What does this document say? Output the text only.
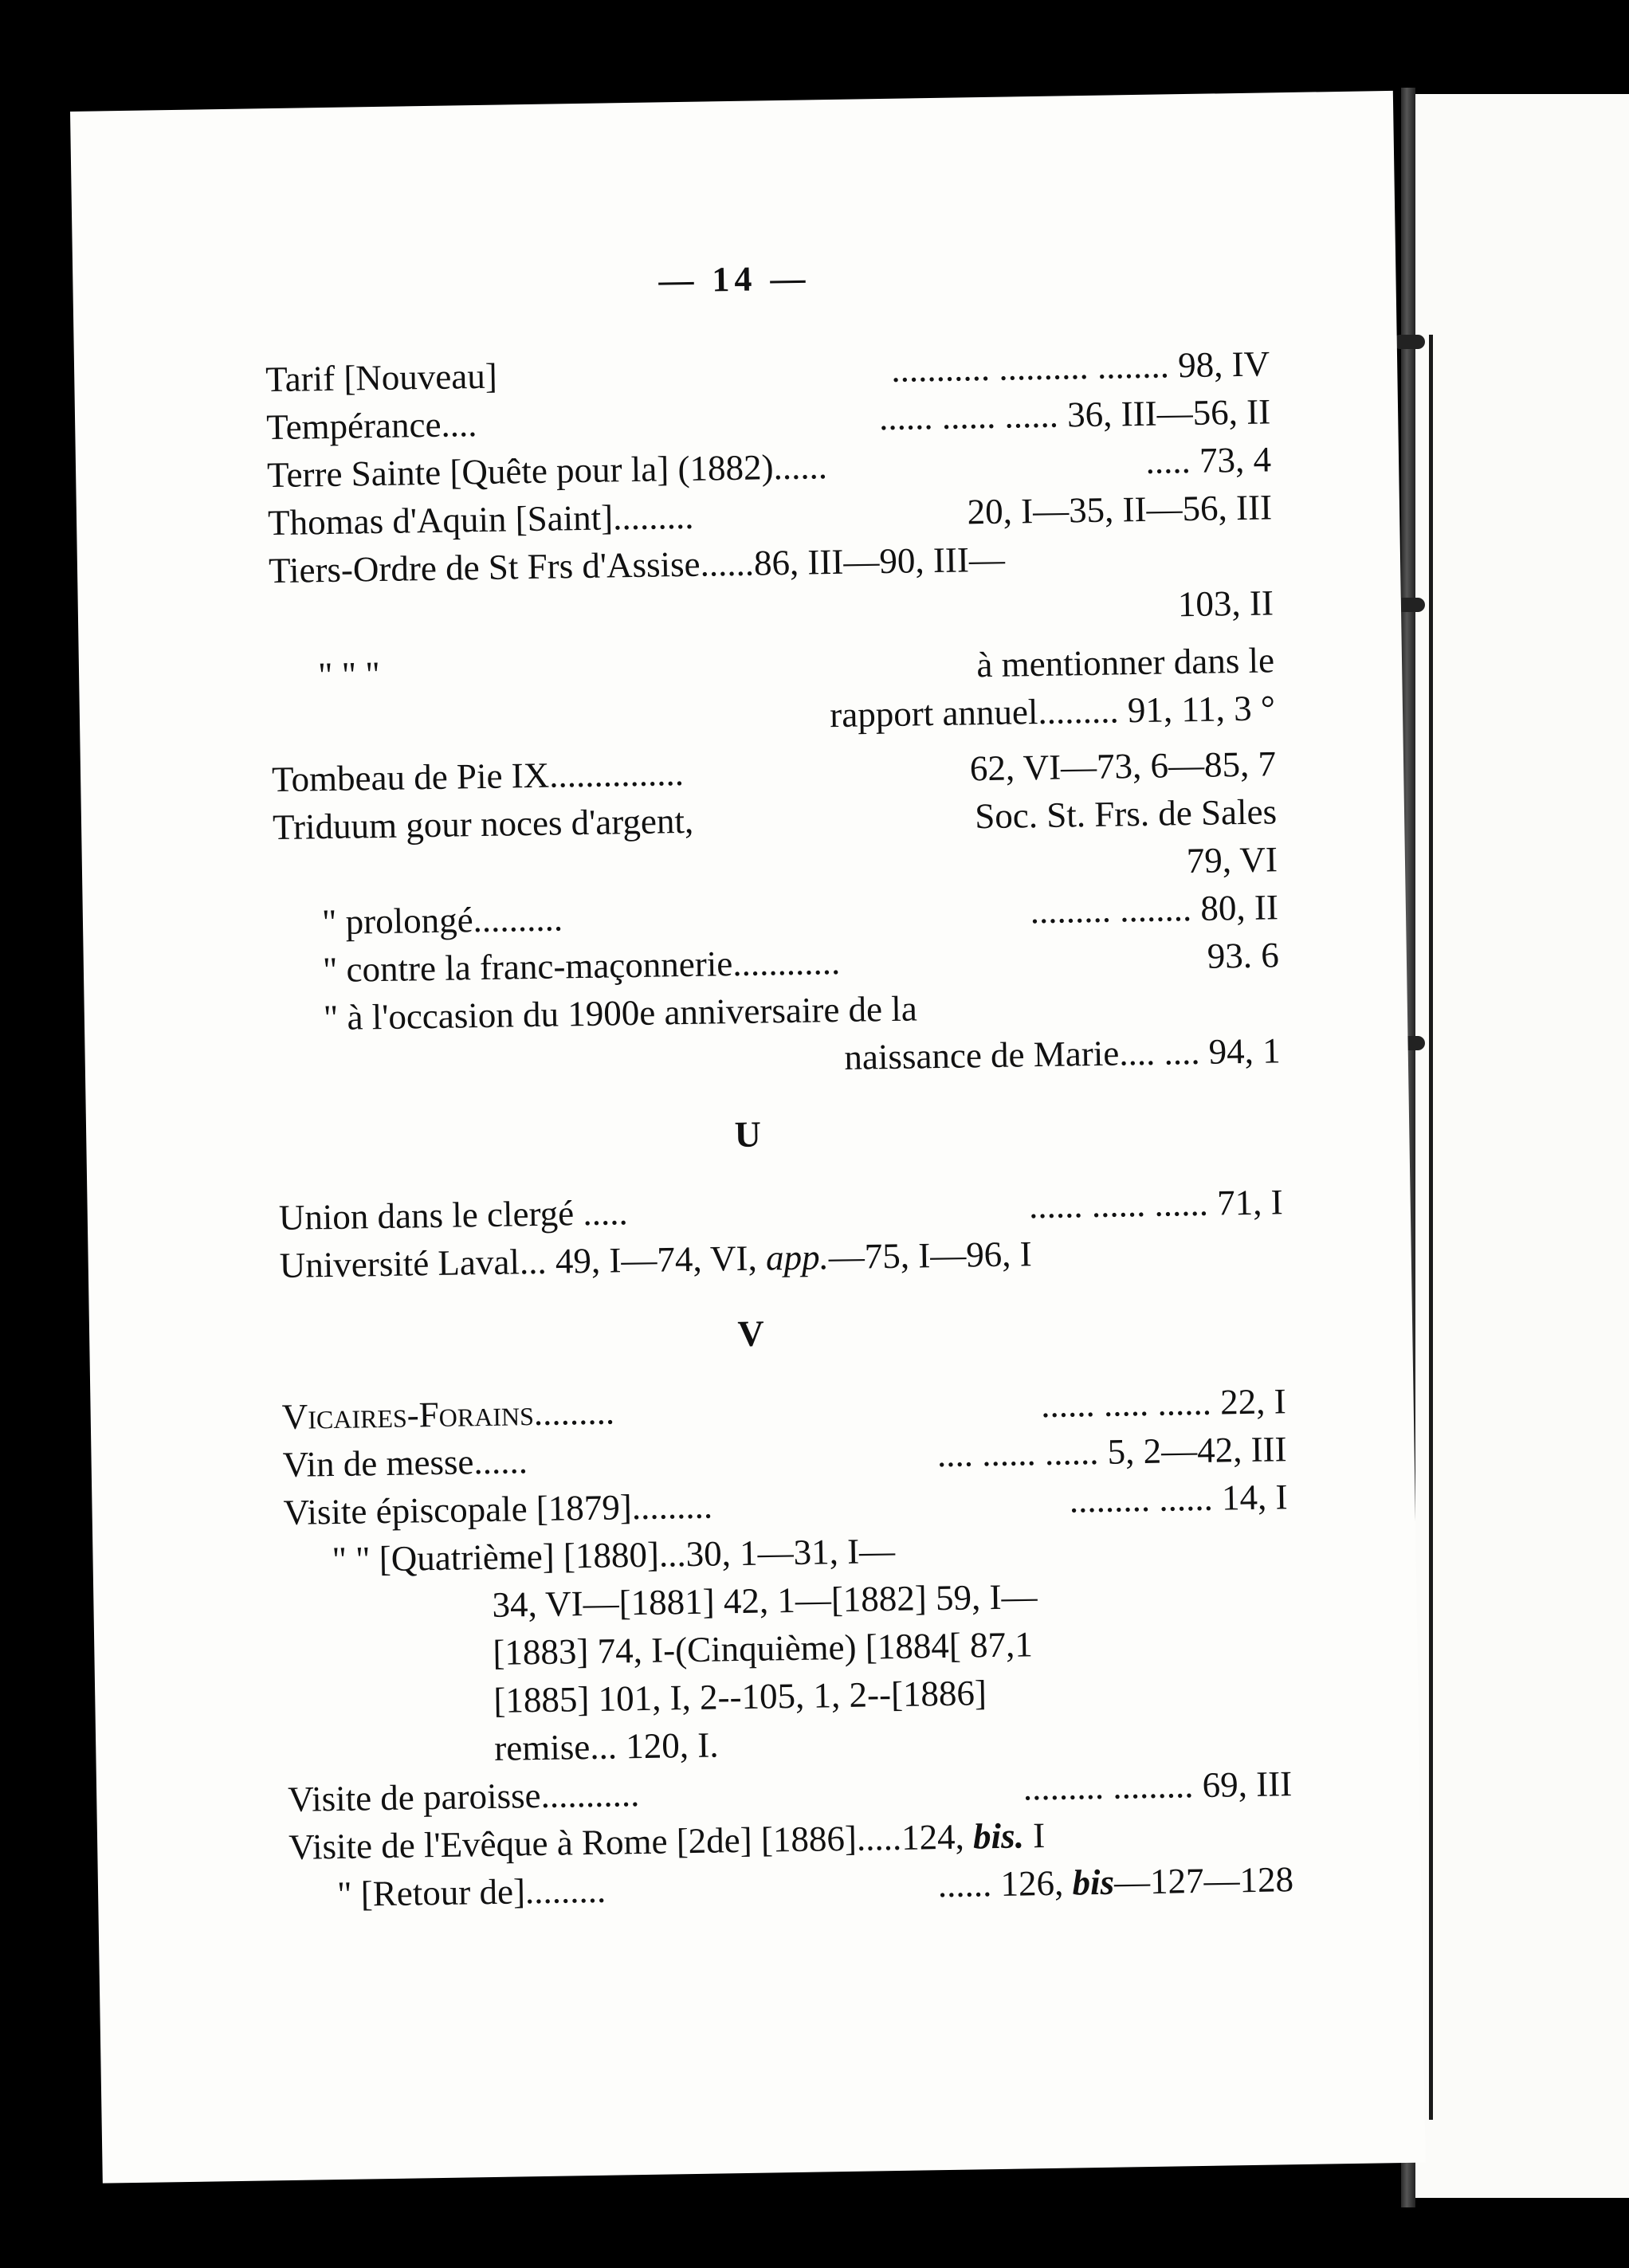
— 14 —
Tarif [Nouveau]	........... .......... ........ 98, IV
Tempérance....	...... ...... ...... 36, III—56, II
Terre Sainte [Quête pour la] (1882)......	..... 73, 4
Thomas d'Aquin [Saint].........	20, I—35, II—56, III
Tiers-Ordre de St Frs d'Assise......86, III—90, III—
103, II
" " "	à mentionner dans le
rapport annuel......... 91, 11, 3 °
Tombeau de Pie IX...............	62, VI—73, 6—85, 7
Triduum gour noces d'argent,	Soc. St. Frs. de Sales
79, VI
" prolongé..........	......... ........ 80, II
" contre la franc-maçonnerie............	93. 6
" à l'occasion du 1900e anniversaire de la
naissance de Marie.... .... 94, 1
U
Union dans le clergé .....	...... ...... ...... 71, I
Université Laval... 49, I—74, VI, app.—75, I—96, I
V
Vicaires-Forains.........	...... ..... ...... 22, I
Vin de messe......	.... ...... ...... 5, 2—42, III
Visite épiscopale [1879].........	......... ...... 14, I
" " [Quatrième] [1880]...30, 1—31, I—
34, VI—[1881] 42, 1—[1882] 59, I—
[1883] 74, I-(Cinquième) [1884[ 87,1
[1885] 101, I, 2--105, 1, 2--[1886]
remise... 120, I.
Visite de paroisse...........	......... ......... 69, III
Visite de l'Evêque à Rome [2de] [1886].....124, bis. I
" [Retour de].........	...... 126, bis—127—128
